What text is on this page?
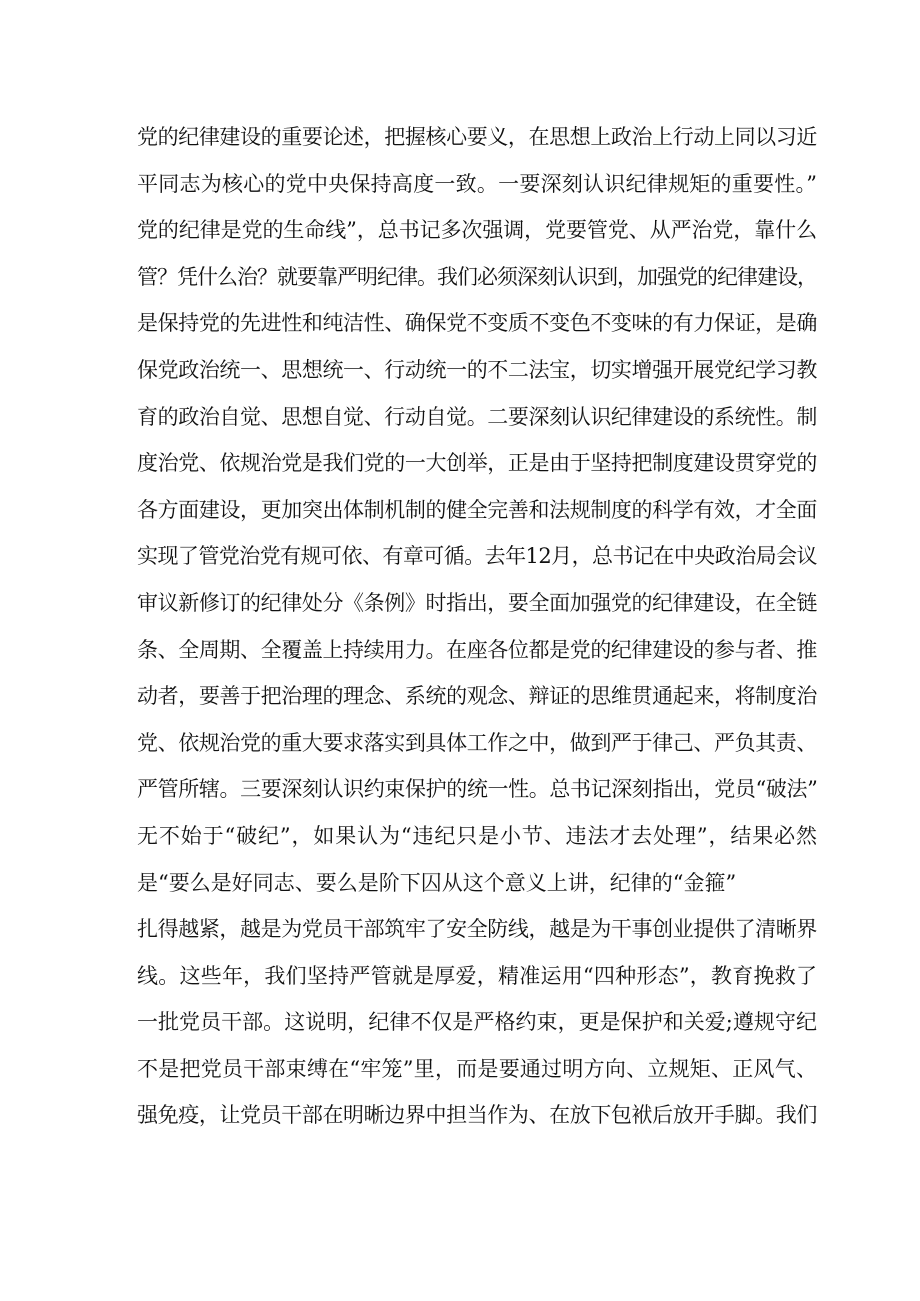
党的纪律建设的重要论述，把握核心要义，在思想上政治上行动上同以习近
平同志为核心的党中央保持高度一致。一要深刻认识纪律规矩的重要性。”
党的纪律是党的生命线”，总书记多次强调，党要管党、从严治党，靠什么
管？凭什么治？就要靠严明纪律。我们必须深刻认识到，加强党的纪律建设，
是保持党的先进性和纯洁性、确保党不变质不变色不变味的有力保证，是确
保党政治统一、思想统一、行动统一的不二法宝，切实增强开展党纪学习教
育的政治自觉、思想自觉、行动自觉。二要深刻认识纪律建设的系统性。制
度治党、依规治党是我们党的一大创举，正是由于坚持把制度建设贯穿党的
各方面建设，更加突出体制机制的健全完善和法规制度的科学有效，才全面
实现了管党治党有规可依、有章可循。去年12月，总书记在中央政治局会议
审议新修订的纪律处分《条例》时指出，要全面加强党的纪律建设，在全链
条、全周期、全覆盖上持续用力。在座各位都是党的纪律建设的参与者、推
动者，要善于把治理的理念、系统的观念、辩证的思维贯通起来，将制度治
党、依规治党的重大要求落实到具体工作之中，做到严于律己、严负其责、
严管所辖。三要深刻认识约束保护的统一性。总书记深刻指出，党员“破法”
无不始于“破纪”，如果认为“违纪只是小节、违法才去处理”，结果必然
是“要么是好同志、要么是阶下囚从这个意义上讲，纪律的“金箍”
扎得越紧，越是为党员干部筑牢了安全防线，越是为干事创业提供了清晰界
线。这些年，我们坚持严管就是厚爱，精准运用“四种形态”，教育挽救了
一批党员干部。这说明，纪律不仅是严格约束，更是保护和关爱;遵规守纪
不是把党员干部束缚在“牢笼”里，而是要通过明方向、立规矩、正风气、
强免疫，让党员干部在明晰边界中担当作为、在放下包袱后放开手脚。我们
